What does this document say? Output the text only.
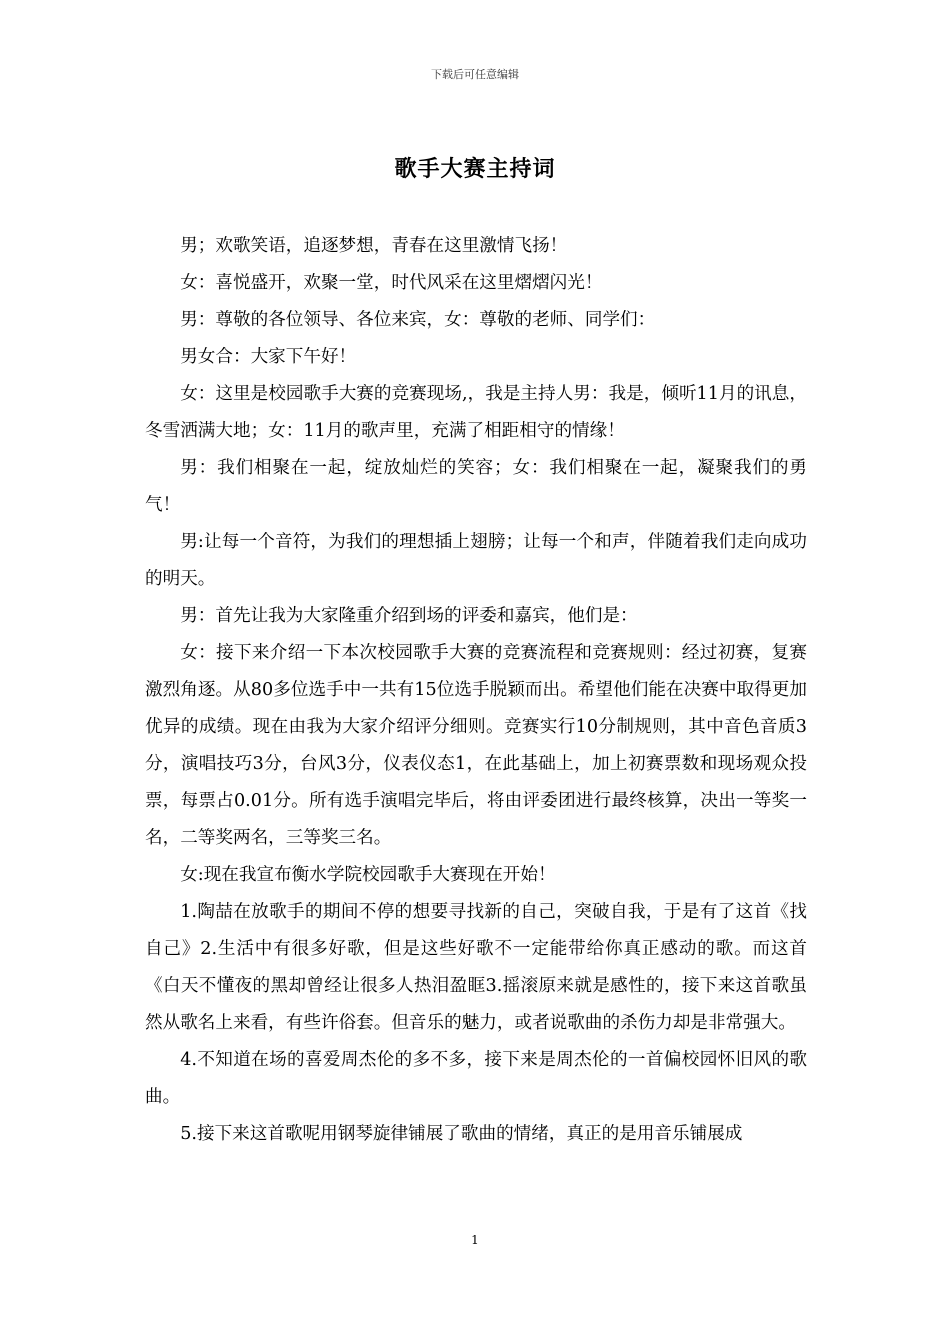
下载后可任意编辑
歌手大赛主持词

男；欢歌笑语，追逐梦想，青春在这里激情飞扬！

女：喜悦盛开，欢聚一堂，时代风采在这里熠熠闪光！

男：尊敬的各位领导、各位来宾，女：尊敬的老师、同学们：

男女合：大家下午好！

女：这里是校园歌手大赛的竞赛现场,，我是主持人男：我是，倾听11月的讯息，冬雪洒满大地；女：11月的歌声里，充满了相距相守的情缘！

男：我们相聚在一起，绽放灿烂的笑容；女：我们相聚在一起，凝聚我们的勇气！

男:让每一个音符，为我们的理想插上翅膀；让每一个和声，伴随着我们走向成功的明天。

男：首先让我为大家隆重介绍到场的评委和嘉宾，他们是：

女：接下来介绍一下本次校园歌手大赛的竞赛流程和竞赛规则：经过初赛，复赛激烈角逐。从80多位选手中一共有15位选手脱颖而出。希望他们能在决赛中取得更加优异的成绩。现在由我为大家介绍评分细则。竞赛实行10分制规则，其中音色音质3分，演唱技巧3分，台风3分，仪表仪态1，在此基础上，加上初赛票数和现场观众投票，每票占0.01分。所有选手演唱完毕后，将由评委团进行最终核算，决出一等奖一名，二等奖两名，三等奖三名。

女:现在我宣布衡水学院校园歌手大赛现在开始！

1.陶喆在放歌手的期间不停的想要寻找新的自己，突破自我，于是有了这首《找自己》2.生活中有很多好歌，但是这些好歌不一定能带给你真正感动的歌。而这首《白天不懂夜的黑却曾经让很多人热泪盈眶3.摇滚原来就是感性的，接下来这首歌虽然从歌名上来看，有些许俗套。但音乐的魅力，或者说歌曲的杀伤力却是非常强大。

4.不知道在场的喜爱周杰伦的多不多，接下来是周杰伦的一首偏校园怀旧风的歌曲。

5.接下来这首歌呢用钢琴旋律铺展了歌曲的情绪，真正的是用音乐铺展成

1
